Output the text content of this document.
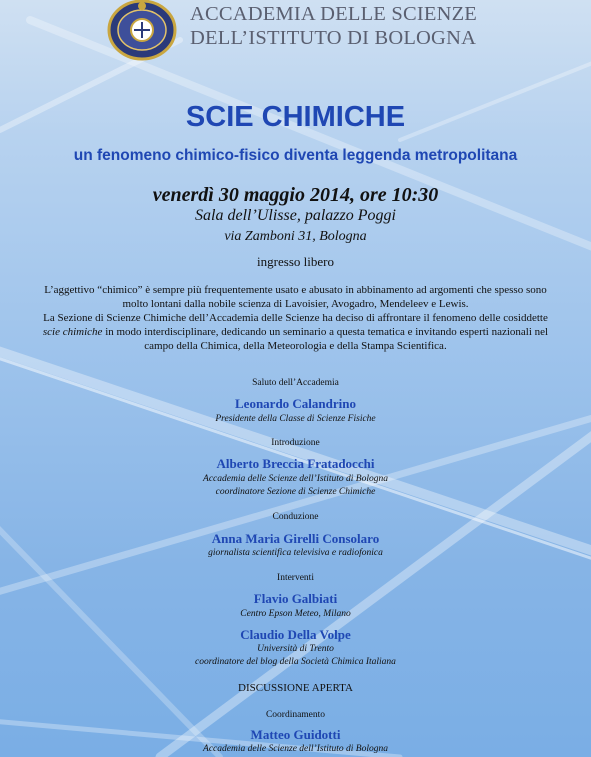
ACCADEMIA DELLE SCIENZE
DELL’ISTITUTO DI BOLOGNA
SCIE CHIMICHE
un fenomeno chimico-fisico diventa leggenda metropolitana
venerdì 30 maggio 2014, ore 10:30
Sala dell’Ulisse, palazzo Poggi
via Zamboni 31, Bologna
ingresso libero

L’aggettivo “chimico” è sempre più frequentemente usato e abusato in abbinamento ad argomenti che spesso sono molto lontani dalla nobile scienza di Lavoisier, Avogadro, Mendeleev e Lewis.

La Sezione di Scienze Chimiche dell’Accademia delle Scienze ha deciso di affrontare il fenomeno delle cosiddette scie chimiche in modo interdisciplinare, dedicando un seminario a questa tematica e invitando esperti nazionali nel campo della Chimica, della Meteorologia e della Stampa Scientifica.

Saluto dell’Accademia
Leonardo Calandrino
Presidente della Classe di Scienze Fisiche
Introduzione
Alberto Breccia Fratadocchi
Accademia delle Scienze dell’Istituto di Bologna
coordinatore Sezione di Scienze Chimiche
Conduzione
Anna Maria Girelli Consolaro
giornalista scientifica televisiva e radiofonica
Interventi
Flavio Galbiati
Centro Epson Meteo, Milano
Claudio Della Volpe
Università di Trento
coordinatore del blog della Società Chimica Italiana
DISCUSSIONE APERTA
Coordinamento
Matteo Guidotti
Accademia delle Scienze dell’Istituto di Bologna
